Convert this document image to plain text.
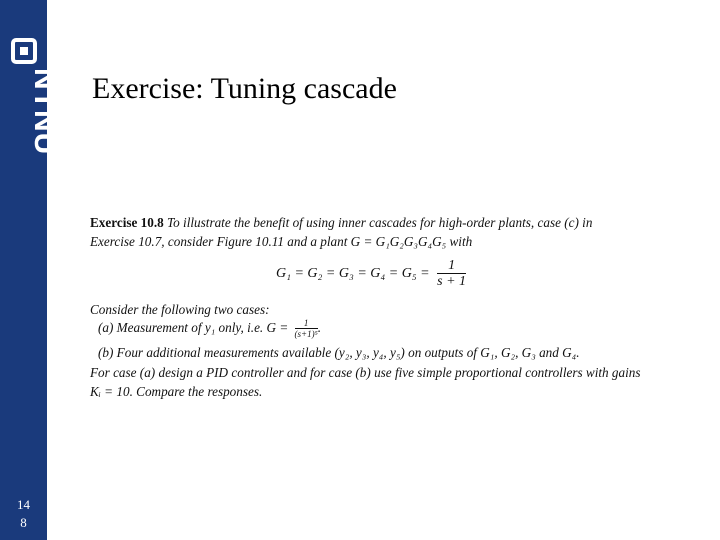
NTNU
14
8
Exercise: Tuning cascade
Exercise 10.8 To illustrate the benefit of using inner cascades for high-order plants, case (c) in
Exercise 10.7, consider Figure 10.11 and a plant G = G₁G₂G₃G₄G₅ with
$G_1 = G_2 = G_3 = G_4 = G_5 = \frac{1}{s + 1}$
Consider the following two cases:
(a) Measurement of y₁ only, i.e. $G = \frac{1}{\text{(s+1)⁵}}$ .
(b) Four additional measurements available (y₂, y₃, y₄, y₅) on outputs of G₁, G₂, G₃ and G₄.
For case (a) design a PID controller and for case (b) use five simple proportional controllers with gains
Kᵢ = 10. Compare the responses.
